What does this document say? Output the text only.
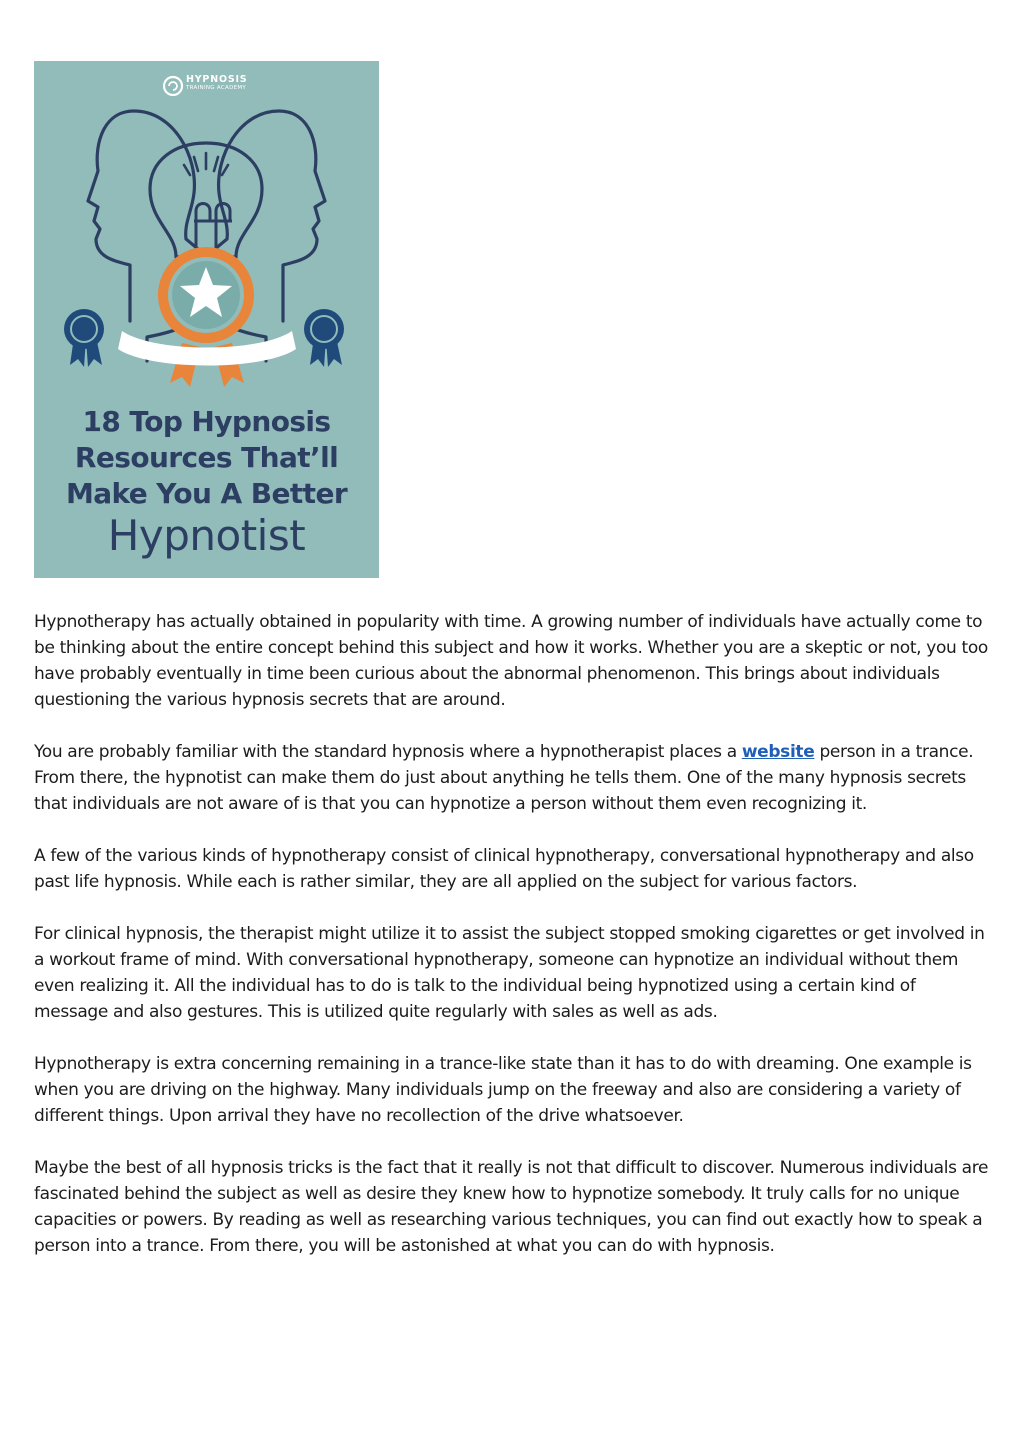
HYPNOSIS
TRAINING ACADEMY
18 Top Hypnosis
Resources That’ll
Make You A Better
Hypnotist

Hypnotherapy has actually obtained in popularity with time. A growing number of individuals have actually come to be thinking about the entire concept behind this subject and how it works. Whether you are a skeptic or not, you too have probably eventually in time been curious about the abnormal phenomenon. This brings about individuals questioning the various hypnosis secrets that are around.

You are probably familiar with the standard hypnosis where a hypnotherapist places a website person in a trance. From there, the hypnotist can make them do just about anything he tells them. One of the many hypnosis secrets that individuals are not aware of is that you can hypnotize a person without them even recognizing it.

A few of the various kinds of hypnotherapy consist of clinical hypnotherapy, conversational hypnotherapy and also past life hypnosis. While each is rather similar, they are all applied on the subject for various factors.

For clinical hypnosis, the therapist might utilize it to assist the subject stopped smoking cigarettes or get involved in a workout frame of mind. With conversational hypnotherapy, someone can hypnotize an individual without them even realizing it. All the individual has to do is talk to the individual being hypnotized using a certain kind of message and also gestures. This is utilized quite regularly with sales as well as ads.

Hypnotherapy is extra concerning remaining in a trance-like state than it has to do with dreaming. One example is when you are driving on the highway. Many individuals jump on the freeway and also are considering a variety of different things. Upon arrival they have no recollection of the drive whatsoever.

Maybe the best of all hypnosis tricks is the fact that it really is not that difficult to discover. Numerous individuals are fascinated behind the subject as well as desire they knew how to hypnotize somebody. It truly calls for no unique capacities or powers. By reading as well as researching various techniques, you can find out exactly how to speak a person into a trance. From there, you will be astonished at what you can do with hypnosis.
